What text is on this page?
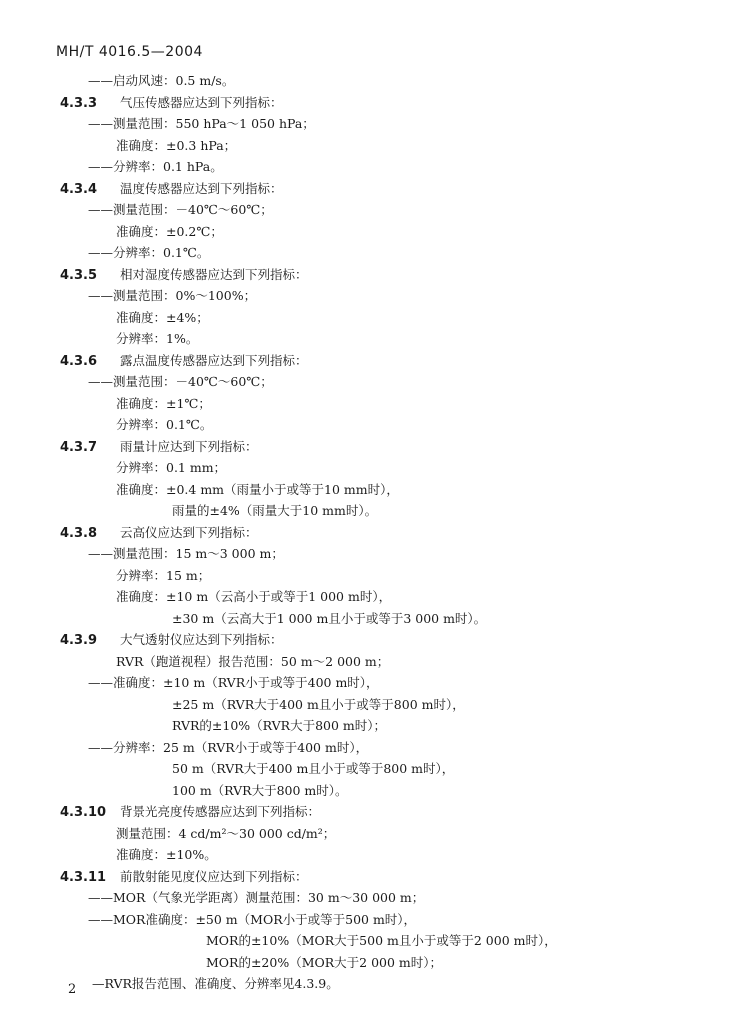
MH/T 4016.5—2004
——启动风速：0.5 m/s。
4.3.3 气压传感器应达到下列指标：
——测量范围：550 hPa～1 050 hPa；
准确度：±0.3 hPa；
——分辨率：0.1 hPa。
4.3.4 温度传感器应达到下列指标：
——测量范围：－40℃～60℃；
准确度：±0.2℃；
——分辨率：0.1℃。
4.3.5 相对湿度传感器应达到下列指标：
——测量范围：0%～100%；
准确度：±4%；
分辨率：1%。
4.3.6 露点温度传感器应达到下列指标：
——测量范围：－40℃～60℃；
准确度：±1℃；
分辨率：0.1℃。
4.3.7 雨量计应达到下列指标：
分辨率：0.1 mm；
准确度：±0.4 mm（雨量小于或等于10 mm时），
雨量的±4%（雨量大于10 mm时）。
4.3.8 云高仪应达到下列指标：
——测量范围：15 m～3 000 m；
分辨率：15 m；
准确度：±10 m（云高小于或等于1 000 m时），
±30 m（云高大于1 000 m且小于或等于3 000 m时）。
4.3.9 大气透射仪应达到下列指标：
RVR（跑道视程）报告范围：50 m～2 000 m；
——准确度：±10 m（RVR小于或等于400 m时），
±25 m（RVR大于400 m且小于或等于800 m时），
RVR的±10%（RVR大于800 m时）；
——分辨率：25 m（RVR小于或等于400 m时），
50 m（RVR大于400 m且小于或等于800 m时），
100 m（RVR大于800 m时）。
4.3.10 背景光亮度传感器应达到下列指标：
测量范围：4 cd/m²～30 000 cd/m²；
准确度：±10%。
4.3.11 前散射能见度仪应达到下列指标：
——MOR（气象光学距离）测量范围：30 m～30 000 m；
——MOR准确度：±50 m（MOR小于或等于500 m时），
MOR的±10%（MOR大于500 m且小于或等于2 000 m时），
MOR的±20%（MOR大于2 000 m时）；
—RVR报告范围、准确度、分辨率见4.3.9。
2
